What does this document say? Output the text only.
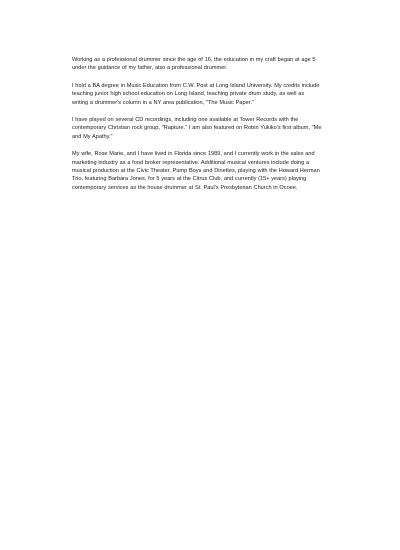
Working as a professional drummer since the age of 16, the education in my craft began at age 5 under the guidance of my father, also a professional drummer.

I hold a BA degree in Music Education from C.W. Post at Long Island University. My credits include teaching junior high school education on Long Island, teaching private drum study, as well as writing a drummer's column in a NY area publication, "The Music Paper."

I have played on several CD recordings, including one available at Tower Records with the contemporary Christian rock group, "Rapture." I am also featured on Robin Yukiko's first album, "Me and My Apathy."

My wife, Rose Marie, and I have lived in Florida since 1989, and I currently work in the sales and marketing industry as a food broker representative. Additional musical ventures include doing a musical production at the Civic Theater, Pump Boys and Dinettes, playing with the Howard Herman Trio, featuring Barbara Jones, for 5 years at the Citrus Club, and currently (15+ years) playing contemporary services as the house drummer at St. Paul's Presbyterian Church in Ocoee.
